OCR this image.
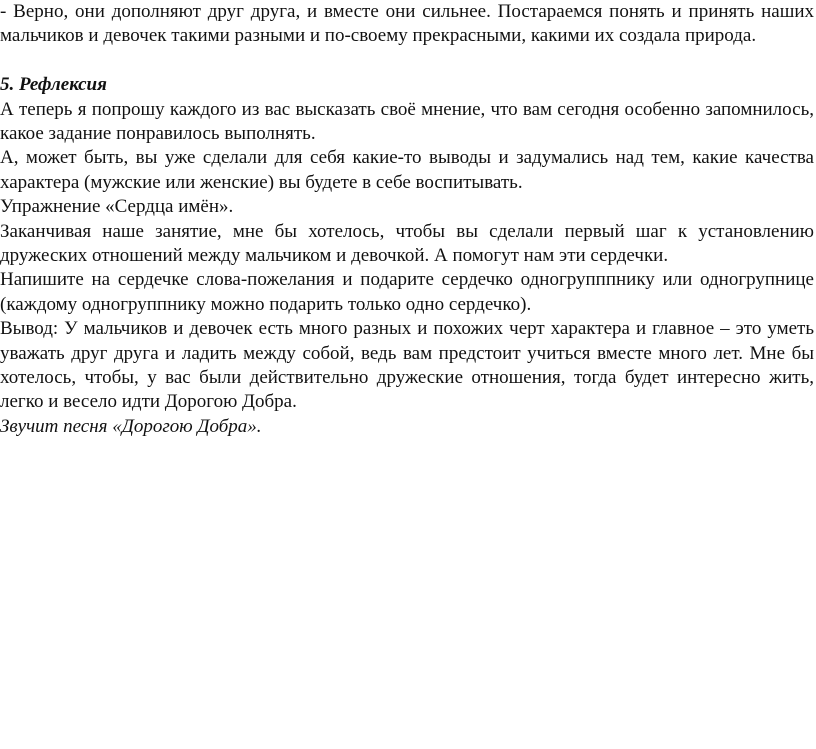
- Верно, они дополняют друг друга, и вместе они сильнее. Постараемся понять и принять наших мальчиков и девочек такими разными и по-своему прекрасными, какими их создала природа.

5. Рефлексия

А теперь я попрошу каждого из вас высказать своё мнение, что вам сегодня особенно запомнилось, какое задание понравилось выполнять.

А, может быть, вы уже сделали для себя какие-то выводы и задумались над тем, какие качества характера (мужские или женские) вы будете в себе воспитывать.

Упражнение «Сердца имён».

Заканчивая наше занятие, мне бы хотелось, чтобы вы сделали первый шаг к установлению дружеских отношений между мальчиком и девочкой. А помогут нам эти сердечки.

Напишите на сердечке слова-пожелания и подарите сердечко одногрупппнику или одногрупнице (каждому одногруппнику можно подарить только одно сердечко).

Вывод: У мальчиков и девочек есть много разных и похожих черт характера и главное – это уметь уважать друг друга и ладить между собой, ведь вам предстоит учиться вместе много лет. Мне бы хотелось, чтобы, у вас были действительно дружеские отношения, тогда будет интересно жить, легко и весело идти Дорогою Добра.

Звучит песня «Дорогою Добра».
